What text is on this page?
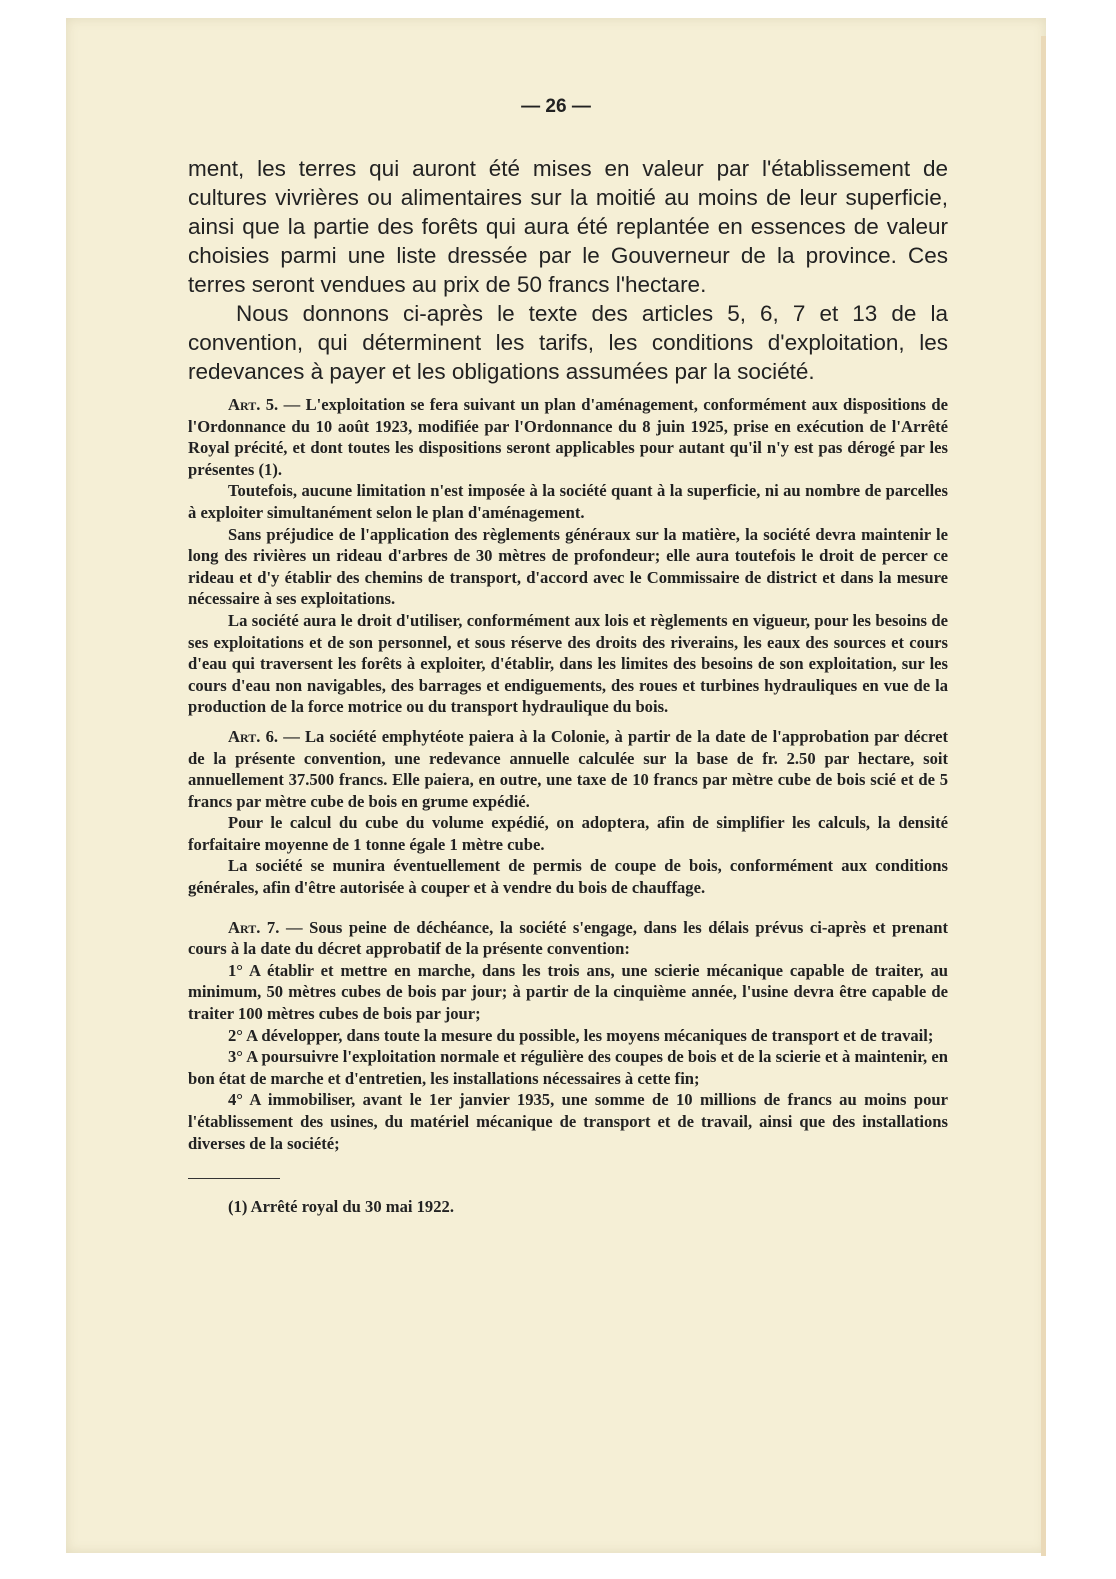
— 26 —

ment, les terres qui auront été mises en valeur par l'établissement de cultures vivrières ou alimentaires sur la moitié au moins de leur superficie, ainsi que la partie des forêts qui aura été replantée en essences de valeur choisies parmi une liste dressée par le Gouverneur de la province. Ces terres seront vendues au prix de 50 francs l'hectare.

Nous donnons ci-après le texte des articles 5, 6, 7 et 13 de la convention, qui déterminent les tarifs, les conditions d'exploitation, les redevances à payer et les obligations assumées par la société.

Art. 5. — L'exploitation se fera suivant un plan d'aménagement, conformément aux dispositions de l'Ordonnance du 10 août 1923, modifiée par l'Ordonnance du 8 juin 1925, prise en exécution de l'Arrêté Royal précité, et dont toutes les dispositions seront applicables pour autant qu'il n'y est pas dérogé par les présentes (1).

Toutefois, aucune limitation n'est imposée à la société quant à la superficie, ni au nombre de parcelles à exploiter simultanément selon le plan d'aménagement.

Sans préjudice de l'application des règlements généraux sur la matière, la société devra maintenir le long des rivières un rideau d'arbres de 30 mètres de profondeur; elle aura toutefois le droit de percer ce rideau et d'y établir des chemins de transport, d'accord avec le Commissaire de district et dans la mesure nécessaire à ses exploitations.

La société aura le droit d'utiliser, conformément aux lois et règlements en vigueur, pour les besoins de ses exploitations et de son personnel, et sous réserve des droits des riverains, les eaux des sources et cours d'eau qui traversent les forêts à exploiter, d'établir, dans les limites des besoins de son exploitation, sur les cours d'eau non navigables, des barrages et endiguements, des roues et turbines hydrauliques en vue de la production de la force motrice ou du transport hydraulique du bois.

Art. 6. — La société emphytéote paiera à la Colonie, à partir de la date de l'approbation par décret de la présente convention, une redevance annuelle calculée sur la base de fr. 2.50 par hectare, soit annuellement 37.500 francs. Elle paiera, en outre, une taxe de 10 francs par mètre cube de bois scié et de 5 francs par mètre cube de bois en grume expédié.

Pour le calcul du cube du volume expédié, on adoptera, afin de simplifier les calculs, la densité forfaitaire moyenne de 1 tonne égale 1 mètre cube.

La société se munira éventuellement de permis de coupe de bois, conformément aux conditions générales, afin d'être autorisée à couper et à vendre du bois de chauffage.

Art. 7. — Sous peine de déchéance, la société s'engage, dans les délais prévus ci-après et prenant cours à la date du décret approbatif de la présente convention:

1° A établir et mettre en marche, dans les trois ans, une scierie mécanique capable de traiter, au minimum, 50 mètres cubes de bois par jour; à partir de la cinquième année, l'usine devra être capable de traiter 100 mètres cubes de bois par jour;

2° A développer, dans toute la mesure du possible, les moyens mécaniques de transport et de travail;

3° A poursuivre l'exploitation normale et régulière des coupes de bois et de la scierie et à maintenir, en bon état de marche et d'entretien, les installations nécessaires à cette fin;

4° A immobiliser, avant le 1er janvier 1935, une somme de 10 millions de francs au moins pour l'établissement des usines, du matériel mécanique de transport et de travail, ainsi que des installations diverses de la société;

(1) Arrêté royal du 30 mai 1922.
